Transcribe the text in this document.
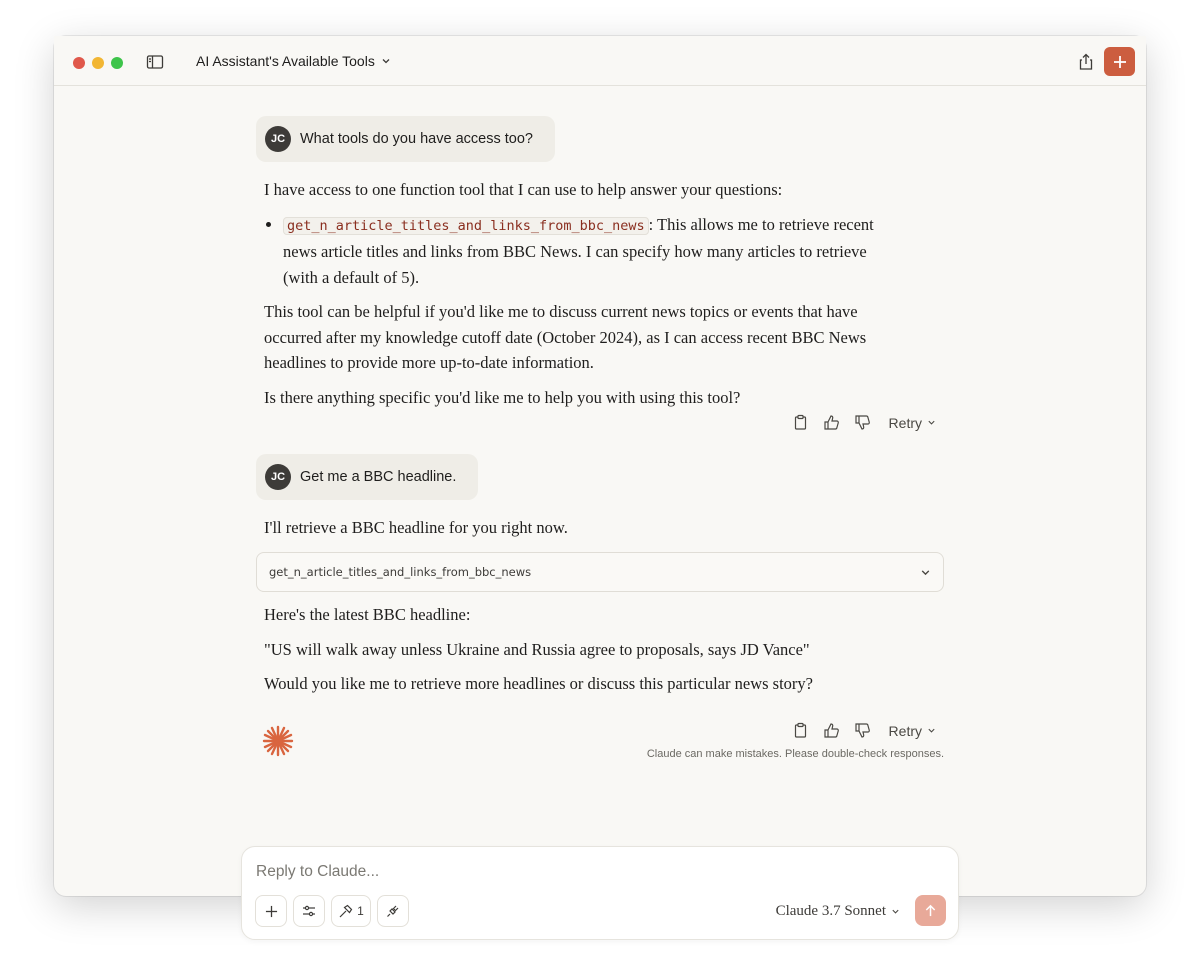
AI Assistant's Available Tools
JC	What tools do you have access too?

I have access to one function tool that I can use to help answer your questions:

• get_n_article_titles_and_links_from_bbc_news : This allows me to retrieve recent news article titles and links from BBC News. I can specify how many articles to retrieve (with a default of 5).

This tool can be helpful if you'd like me to discuss current news topics or events that have occurred after my knowledge cutoff date (October 2024), as I can access recent BBC News headlines to provide more up-to-date information.

Is there anything specific you'd like me to help you with using this tool?

Retry
JC	Get me a BBC headline.

I'll retrieve a BBC headline for you right now.

get_n_article_titles_and_links_from_bbc_news

Here's the latest BBC headline:

"US will walk away unless Ukraine and Russia agree to proposals, says JD Vance"

Would you like me to retrieve more headlines or discuss this particular news story?

Retry
Claude can make mistakes. Please double-check responses.
Reply to Claude...
1	Claude 3.7 Sonnet
